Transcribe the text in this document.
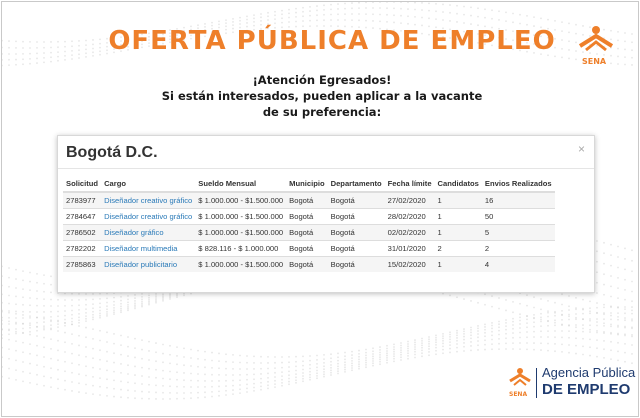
OFERTA PÚBLICA DE EMPLEO
SENA
¡Atención Egresados!
Si están interesados, pueden aplicar a la vacante
de su preferencia:
Bogotá D.C.	×
Solicitud	Cargo	Sueldo Mensual	Municipio	Departamento	Fecha límite	Candidatos	Envios Realizados
2783977	Diseñador creativo gráfico	$ 1.000.000 - $1.500.000	Bogotá	Bogotá	27/02/2020	1	16
2784647	Diseñador creativo gráfico	$ 1.000.000 - $1.500.000	Bogotá	Bogotá	28/02/2020	1	50
2786502	Diseñador gráfico	$ 1.000.000 - $1.500.000	Bogotá	Bogotá	02/02/2020	1	5
2782202	Diseñador multimedia	$ 828.116 - $ 1.000.000	Bogotá	Bogotá	31/01/2020	2	2
2785863	Diseñador publicitario	$ 1.000.000 - $1.500.000	Bogotá	Bogotá	15/02/2020	1	4
SENA
Agencia Pública
DE EMPLEO
